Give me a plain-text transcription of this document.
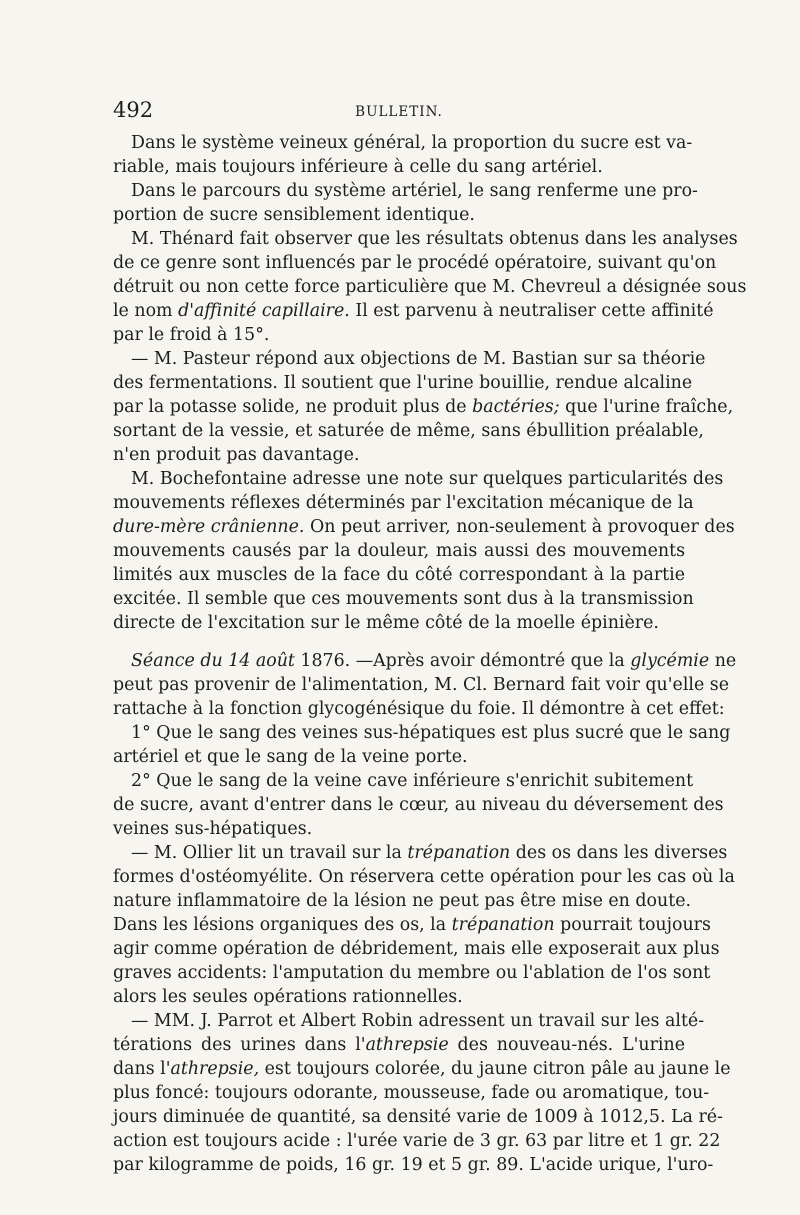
492	BULLETIN.
Dans le système veineux général, la proportion du sucre est va-
riable, mais toujours inférieure à celle du sang artériel.
Dans le parcours du système artériel, le sang renferme une pro-
portion de sucre sensiblement identique.
M. Thénard fait observer que les résultats obtenus dans les analyses
de ce genre sont influencés par le procédé opératoire, suivant qu'on
détruit ou non cette force particulière que M. Chevreul a désignée sous
le nom d'affinité capillaire. Il est parvenu à neutraliser cette affinité
par le froid à 15°.
— M. Pasteur répond aux objections de M. Bastian sur sa théorie
des fermentations. Il soutient que l'urine bouillie, rendue alcaline
par la potasse solide, ne produit plus de bactéries; que l'urine fraîche,
sortant de la vessie, et saturée de même, sans ébullition préalable,
n'en produit pas davantage.
M. Bochefontaine adresse une note sur quelques particularités des
mouvements réflexes déterminés par l'excitation mécanique de la
dure-mère crânienne. On peut arriver, non-seulement à provoquer des
mouvements causés par la douleur, mais aussi des mouvements
limités aux muscles de la face du côté correspondant à la partie
excitée. Il semble que ces mouvements sont dus à la transmission
directe de l'excitation sur le même côté de la moelle épinière.
Séance du 14 août 1876. —Après avoir démontré que la glycémie ne
peut pas provenir de l'alimentation, M. Cl. Bernard fait voir qu'elle se
rattache à la fonction glycogénésique du foie. Il démontre à cet effet:
1° Que le sang des veines sus-hépatiques est plus sucré que le sang
artériel et que le sang de la veine porte.
2° Que le sang de la veine cave inférieure s'enrichit subitement
de sucre, avant d'entrer dans le cœur, au niveau du déversement des
veines sus-hépatiques.
— M. Ollier lit un travail sur la trépanation des os dans les diverses
formes d'ostéomyélite. On réservera cette opération pour les cas où la
nature inflammatoire de la lésion ne peut pas être mise en doute.
Dans les lésions organiques des os, la trépanation pourrait toujours
agir comme opération de débridement, mais elle exposerait aux plus
graves accidents: l'amputation du membre ou l'ablation de l'os sont
alors les seules opérations rationnelles.
— MM. J. Parrot et Albert Robin adressent un travail sur les alté-
térations des urines dans l'athrepsie des nouveau-nés. L'urine
dans l'athrepsie, est toujours colorée, du jaune citron pâle au jaune le
plus foncé: toujours odorante, mousseuse, fade ou aromatique, tou-
jours diminuée de quantité, sa densité varie de 1009 à 1012,5. La ré-
action est toujours acide : l'urée varie de 3 gr. 63 par litre et 1 gr. 22
par kilogramme de poids, 16 gr. 19 et 5 gr. 89. L'acide urique, l'uro-
